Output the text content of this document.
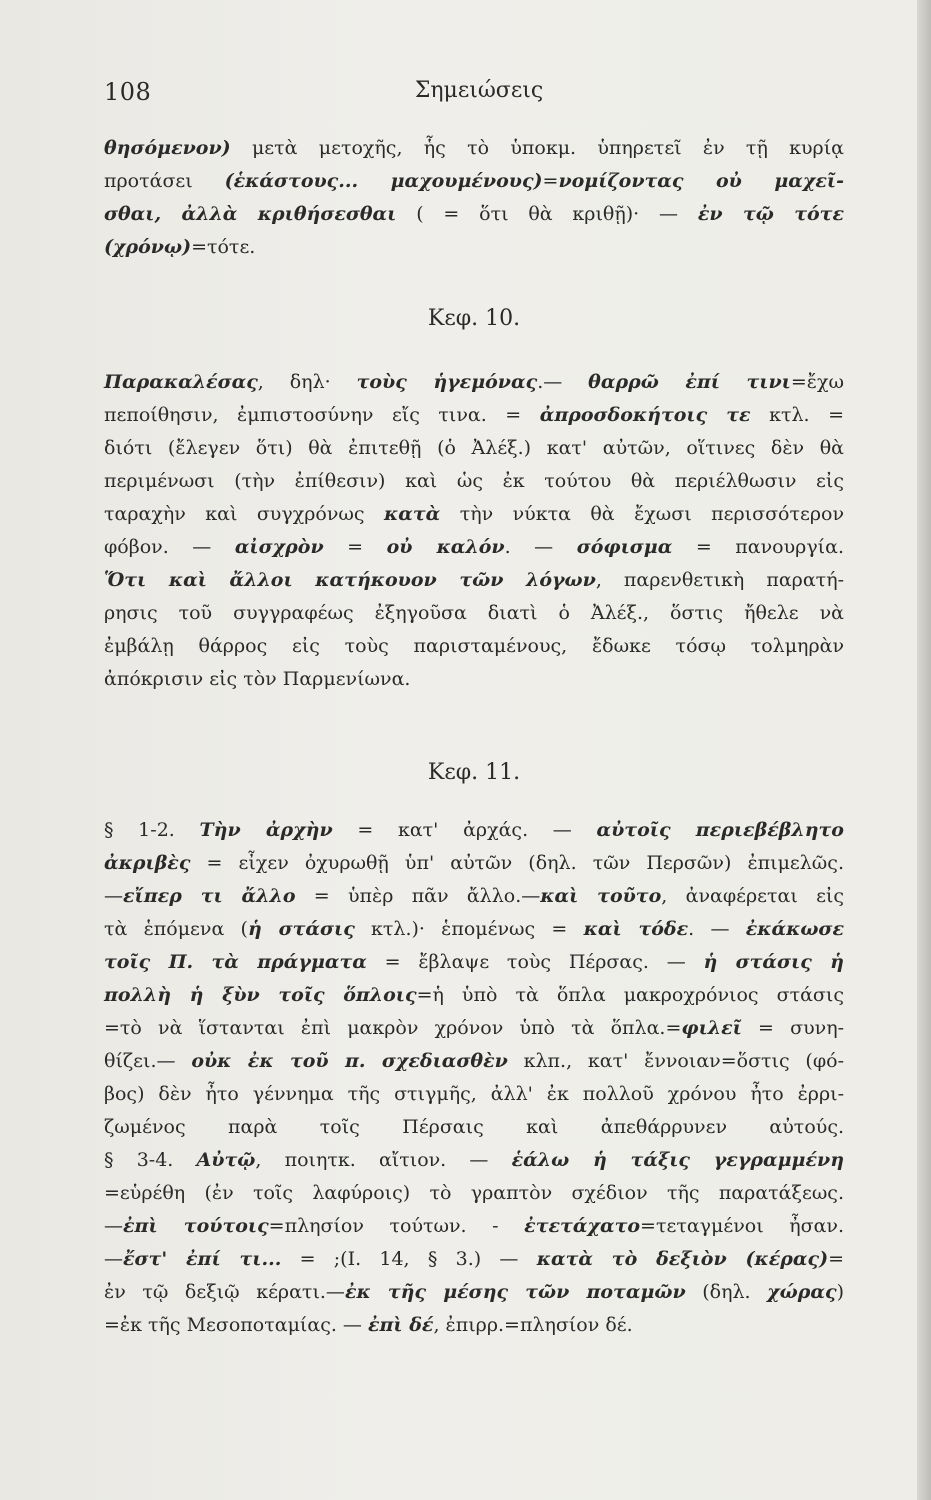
108	Σημειώσεις
θησόμενον) μετὰ μετοχῆς, ἧς τὸ ὑποκμ. ὑπηρετεῖ ἐν τῇ κυρίᾳ
προτάσει (ἑκάστους... μαχουμένους)=νομίζοντας οὐ μαχεῖ-
σθαι, ἀλλὰ κριθήσεσθαι ( = ὅτι θὰ κριθῇ)· — ἐν τῷ τότε
(χρόνῳ)=τότε.
Κεφ. 10.
Παρακαλέσας, δηλ· τοὺς ἡγεμόνας.— θαρρῶ ἐπί τινι=ἔχω
πεποίθησιν, ἐμπιστοσύνην εἴς τινα. = ἀπροσδοκήτοις τε κτλ. =
διότι (ἔλεγεν ὅτι) θὰ ἐπιτεθῇ (ὁ Ἀλέξ.) κατ' αὐτῶν, οἵτινες δὲν θὰ
περιμένωσι (τὴν ἐπίθεσιν) καὶ ὡς ἐκ τούτου θὰ περιέλθωσιν εἰς
ταραχὴν καὶ συγχρόνως κατὰ τὴν νύκτα θὰ ἔχωσι περισσότερον
φόβον. — αἰσχρὸν = οὐ καλόν. — σόφισμα = πανουργία.
Ὅτι καὶ ἄλλοι κατήκουον τῶν λόγων, παρενθετικὴ παρατή-
ρησις τοῦ συγγραφέως ἐξηγοῦσα διατὶ ὁ Ἀλέξ., ὅστις ἤθελε νὰ
ἐμβάλῃ θάρρος εἰς τοὺς παρισταμένους, ἔδωκε τόσῳ τολμηρὰν
ἀπόκρισιν εἰς τὸν Παρμενίωνα.
Κεφ. 11.
§ 1-2. Τὴν ἀρχὴν = κατ' ἀρχάς. — αὐτοῖς περιεβέβλητο
ἀκριβὲς = εἶχεν ὀχυρωθῇ ὑπ' αὐτῶν (δηλ. τῶν Περσῶν) ἐπιμελῶς.
—εἴπερ τι ἄλλο = ὑπὲρ πᾶν ἄλλο.—καὶ τοῦτο, ἀναφέρεται εἰς
τὰ ἑπόμενα (ἡ στάσις κτλ.)· ἑπομένως = καὶ τόδε. — ἐκάκωσε
τοῖς Π. τὰ πράγματα = ἔβλαψε τοὺς Πέρσας. — ἡ στάσις ἡ
πολλὴ ἡ ξὺν τοῖς ὅπλοις=ἡ ὑπὸ τὰ ὅπλα μακροχρόνιος στάσις
=τὸ νὰ ἵστανται ἐπὶ μακρὸν χρόνον ὑπὸ τὰ ὅπλα.=φιλεῖ = συνη-
θίζει.— οὐκ ἐκ τοῦ π. σχεδιασθὲν κλπ., κατ' ἔννοιαν=ὅστις (φό-
βος) δὲν ἦτο γέννημα τῆς στιγμῆς, ἀλλ' ἐκ πολλοῦ χρόνου ἦτο ἐρρι-
ζωμένος παρὰ τοῖς Πέρσαις καὶ ἀπεθάρρυνεν αὐτούς.
§ 3-4. Αὐτῷ, ποιητκ. αἴτιον. — ἑάλω ἡ τάξις γεγραμμένη
=εὑρέθη (ἐν τοῖς λαφύροις) τὸ γραπτὸν σχέδιον τῆς παρατάξεως.
—ἐπὶ τούτοις=πλησίον τούτων. - ἐτετάχατο=τεταγμένοι ἦσαν.
—ἔστ' ἐπί τι... = ;(I. 14, § 3.) — κατὰ τὸ δεξιὸν (κέρας)=
ἐν τῷ δεξιῷ κέρατι.—ἐκ τῆς μέσης τῶν ποταμῶν (δηλ. χώρας)
=ἐκ τῆς Μεσοποταμίας. — ἐπὶ δέ, ἐπιρρ.=πλησίον δέ.
